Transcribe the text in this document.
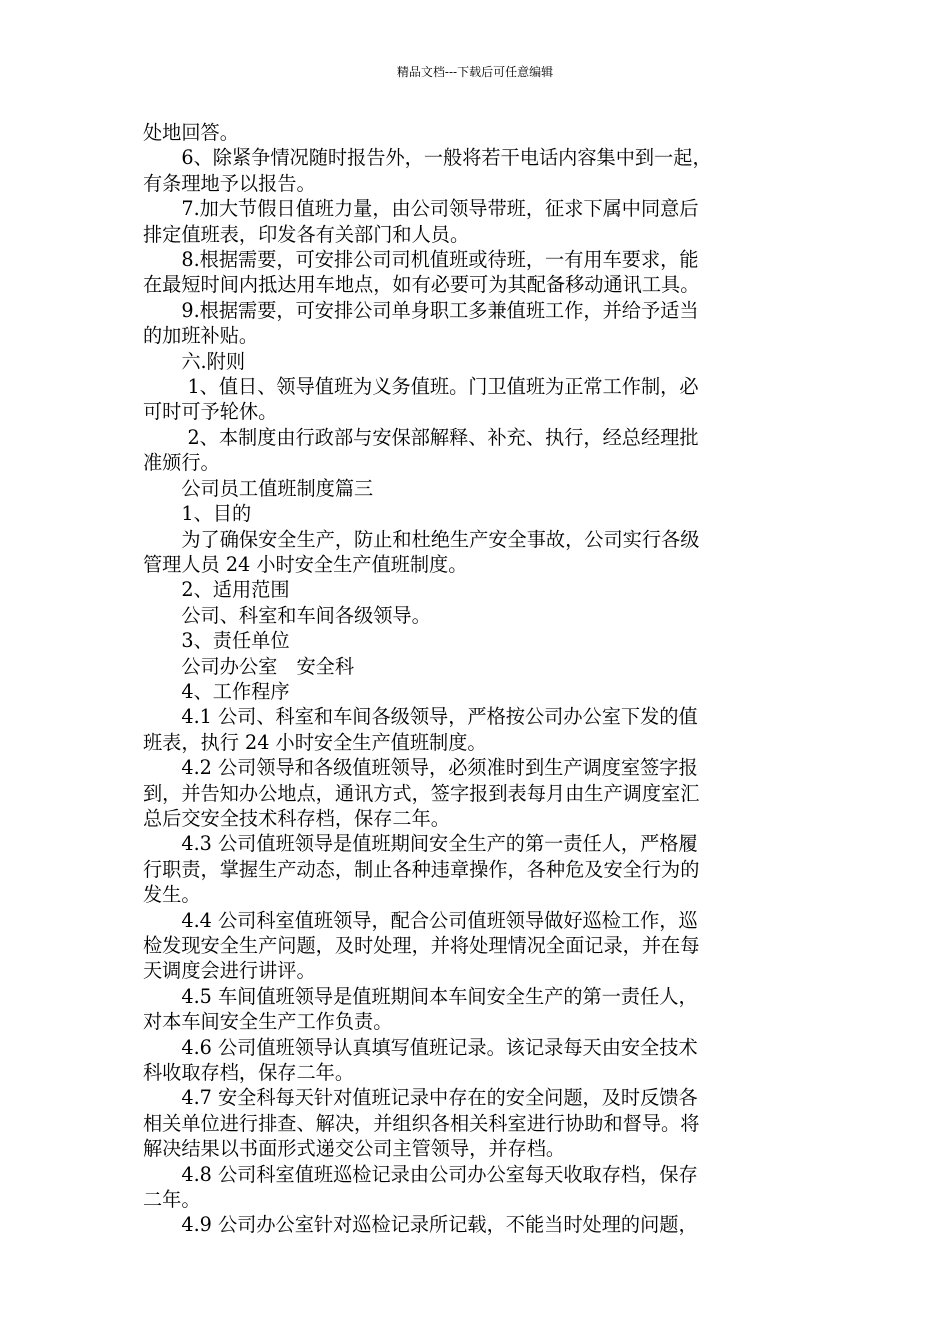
精品文档---下载后可任意编辑

处地回答。

　　6、除紧争情况随时报告外，一般将若干电话内容集中到一起，

有条理地予以报告。

　　7.加大节假日值班力量，由公司领导带班，征求下属中同意后

排定值班表，印发各有关部门和人员。

　　8.根据需要，可安排公司司机值班或待班，一有用车要求，能

在最短时间内抵达用车地点，如有必要可为其配备移动通讯工具。

　　9.根据需要，可安排公司单身职工多兼值班工作，并给予适当

的加班补贴。

　　六.附则

　　 1、值日、领导值班为义务值班。门卫值班为正常工作制，必

可时可予轮休。

　　 2、本制度由行政部与安保部解释、补充、执行，经总经理批

准颁行。

　　公司员工值班制度篇三

　　1、目的

　　为了确保安全生产，防止和杜绝生产安全事故，公司实行各级

管理人员 24 小时安全生产值班制度。

　　2、适用范围

　　公司、科室和车间各级领导。

　　3、责任单位

　　公司办公室　安全科

　　4、工作程序

　　4.1 公司、科室和车间各级领导，严格按公司办公室下发的值

班表，执行 24 小时安全生产值班制度。

　　4.2 公司领导和各级值班领导，必须准时到生产调度室签字报

到，并告知办公地点，通讯方式，签字报到表每月由生产调度室汇

总后交安全技术科存档，保存二年。

　　4.3 公司值班领导是值班期间安全生产的第一责任人，严格履

行职责，掌握生产动态，制止各种违章操作，各种危及安全行为的

发生。

　　4.4 公司科室值班领导，配合公司值班领导做好巡检工作，巡

检发现安全生产问题，及时处理，并将处理情况全面记录，并在每

天调度会进行讲评。

　　4.5 车间值班领导是值班期间本车间安全生产的第一责任人，

对本车间安全生产工作负责。

　　4.6 公司值班领导认真填写值班记录。该记录每天由安全技术

科收取存档，保存二年。

　　4.7 安全科每天针对值班记录中存在的安全问题，及时反馈各

相关单位进行排查、解决，并组织各相关科室进行协助和督导。将

解决结果以书面形式递交公司主管领导，并存档。

　　4.8 公司科室值班巡检记录由公司办公室每天收取存档，保存

二年。

　　4.9 公司办公室针对巡检记录所记载，不能当时处理的问题，
